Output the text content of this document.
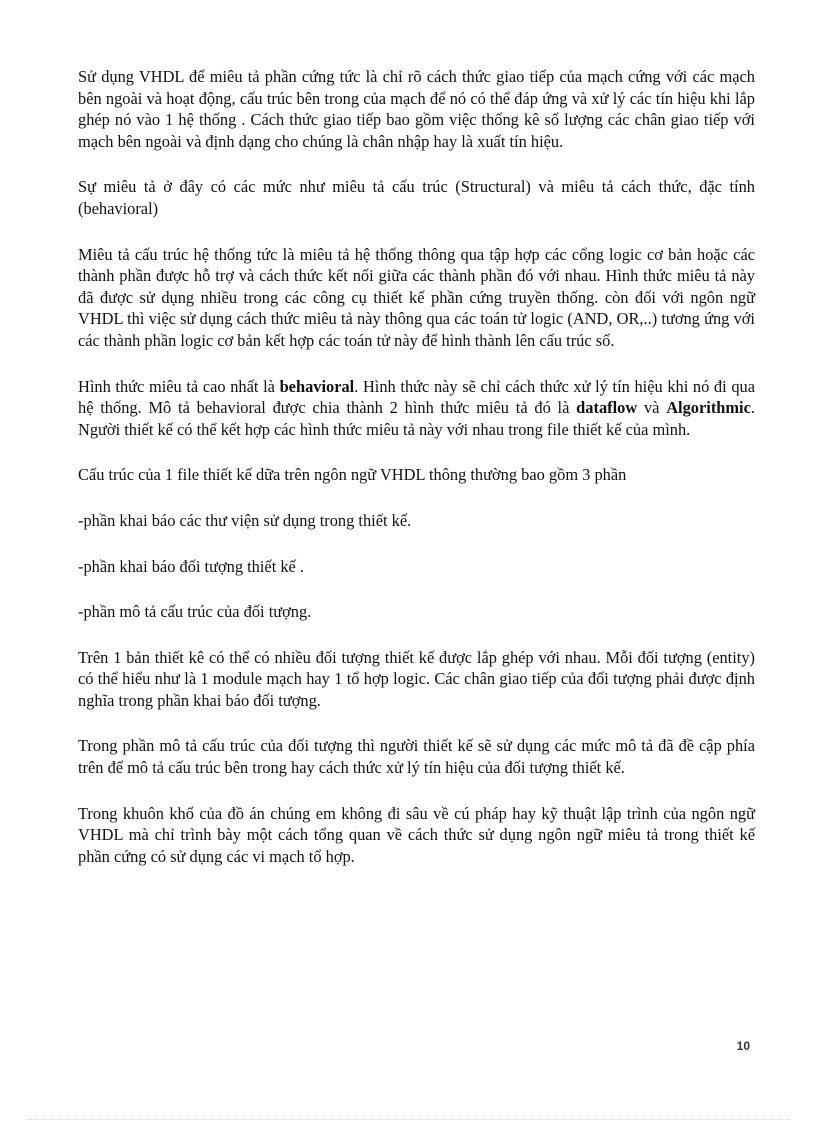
Sử dụng VHDL để miêu tả phần cứng tức là chỉ rõ cách thức giao tiếp của mạch cứng với các mạch bên ngoài và hoạt động, cấu trúc bên trong của mạch để nó có thể đáp ứng và xử lý các tín hiệu khi lắp ghép nó vào 1 hệ thống . Cách thức giao tiếp bao gồm việc thống kê số lượng các chân giao tiếp với mạch bên ngoài và định dạng cho chúng là chân nhập hay là xuất tín hiệu.

Sự miêu tả ở đây có các mức như miêu tả cấu trúc (Structural) và miêu tả cách thức, đặc tính (behavioral)

Miêu tả cấu trúc hệ thống tức là miêu tả hệ thống thông qua tập hợp các cổng logic cơ bản hoặc các thành phần được hỗ trợ và cách thức kết nối giữa các thành phần đó với nhau. Hình thức miêu tả này đã được sử dụng nhiều trong các công cụ thiết kế phần cứng truyền thống. còn đối với ngôn ngữ VHDL thì việc sử dụng cách thức miêu tả này thông qua các toán tử logic (AND, OR,..) tương ứng với các thành phần logic cơ bản kết hợp các toán tử này để hình thành lên cấu trúc số.

Hình thức miêu tả cao nhất là behavioral. Hình thức này sẽ chỉ cách thức xử lý tín hiệu khi nó đi qua hệ thống. Mô tả behavioral được chia thành 2 hình thức miêu tả đó là dataflow và Algorithmic. Người thiết kế có thể kết hợp các hình thức miêu tả này với nhau trong file thiết kế của mình.

Cấu trúc của 1 file thiết kế dữa trên ngôn ngữ VHDL thông thường bao gồm 3 phần

-phần khai báo các thư viện sử dụng trong thiết kế.

-phần khai báo đối tượng thiết kế .

-phần mô tả cấu trúc của đối tượng.

Trên 1 bản thiết kê có thể có nhiều đối tượng thiết kế được lắp ghép với nhau. Mỗi đối tượng (entity) có thể hiểu như là 1 module mạch hay 1 tổ hợp logic. Các chân giao tiếp của đối tượng phải được định nghĩa trong phần khai báo đối tượng.

Trong phần mô tả cấu trúc của đối tượng thì người thiết kế sẽ sử dụng các mức mô tả đã đề cập phía trên để mô tả cấu trúc bên trong hay cách thức xử lý tín hiệu của đối tượng thiết kế.

Trong khuôn khổ của đồ án chúng em không đi sâu về cú pháp hay kỹ thuật lập trình của ngôn ngữ VHDL mà chỉ trình bày một cách tổng quan về cách thức sử dụng ngôn ngữ miêu tả trong thiết kế phần cứng có sử dụng các vi mạch tổ hợp.

10
